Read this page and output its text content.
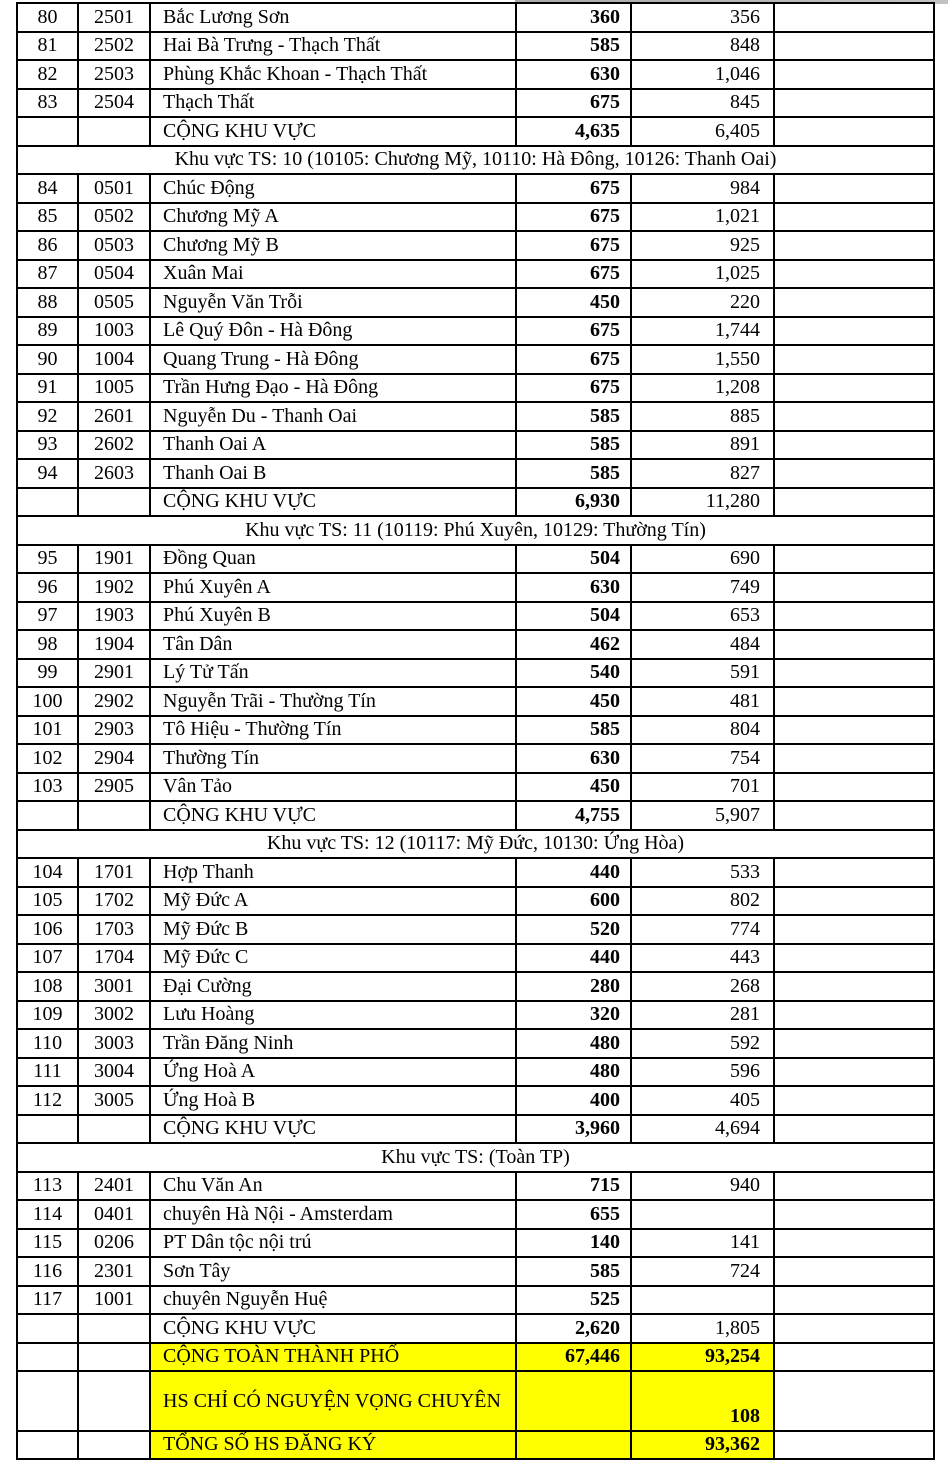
80	2501	Bắc Lương Sơn	360	356	
81	2502	Hai Bà Trưng - Thạch Thất	585	848	
82	2503	Phùng Khắc Khoan - Thạch Thất	630	1,046	
83	2504	Thạch Thất	675	845	
		CỘNG KHU VỰC	4,635	6,405	
Khu vực TS: 10 (10105: Chương Mỹ, 10110: Hà Đông, 10126: Thanh Oai)					
84	0501	Chúc Động	675	984	
85	0502	Chương Mỹ A	675	1,021	
86	0503	Chương Mỹ B	675	925	
87	0504	Xuân Mai	675	1,025	
88	0505	Nguyễn Văn Trỗi	450	220	
89	1003	Lê Quý Đôn - Hà Đông	675	1,744	
90	1004	Quang Trung - Hà Đông	675	1,550	
91	1005	Trần Hưng Đạo - Hà Đông	675	1,208	
92	2601	Nguyễn Du - Thanh Oai	585	885	
93	2602	Thanh Oai A	585	891	
94	2603	Thanh Oai B	585	827	
		CỘNG KHU VỰC	6,930	11,280	
Khu vực TS: 11 (10119: Phú Xuyên, 10129: Thường Tín)					
95	1901	Đồng Quan	504	690	
96	1902	Phú Xuyên A	630	749	
97	1903	Phú Xuyên B	504	653	
98	1904	Tân Dân	462	484	
99	2901	Lý Tử Tấn	540	591	
100	2902	Nguyễn Trãi - Thường Tín	450	481	
101	2903	Tô Hiệu - Thường Tín	585	804	
102	2904	Thường Tín	630	754	
103	2905	Vân Tảo	450	701	
		CỘNG KHU VỰC	4,755	5,907	
Khu vực TS: 12 (10117: Mỹ Đức, 10130: Ứng Hòa)					
104	1701	Hợp Thanh	440	533	
105	1702	Mỹ Đức A	600	802	
106	1703	Mỹ Đức B	520	774	
107	1704	Mỹ Đức C	440	443	
108	3001	Đại Cường	280	268	
109	3002	Lưu Hoàng	320	281	
110	3003	Trần Đăng Ninh	480	592	
111	3004	Ứng Hoà A	480	596	
112	3005	Ứng Hoà B	400	405	
		CỘNG KHU VỰC	3,960	4,694	
Khu vực TS: (Toàn TP)					
113	2401	Chu Văn An	715	940	
114	0401	chuyên Hà Nội - Amsterdam	655		
115	0206	PT Dân tộc nội trú	140	141	
116	2301	Sơn Tây	585	724	
117	1001	chuyên Nguyễn Huệ	525		
		CỘNG KHU VỰC	2,620	1,805	
		CỘNG TOÀN THÀNH PHỐ	67,446	93,254	
		HS CHỈ CÓ NGUYỆN VỌNG CHUYÊN		108	
		TỔNG SỐ HS ĐĂNG KÝ		93,362	
